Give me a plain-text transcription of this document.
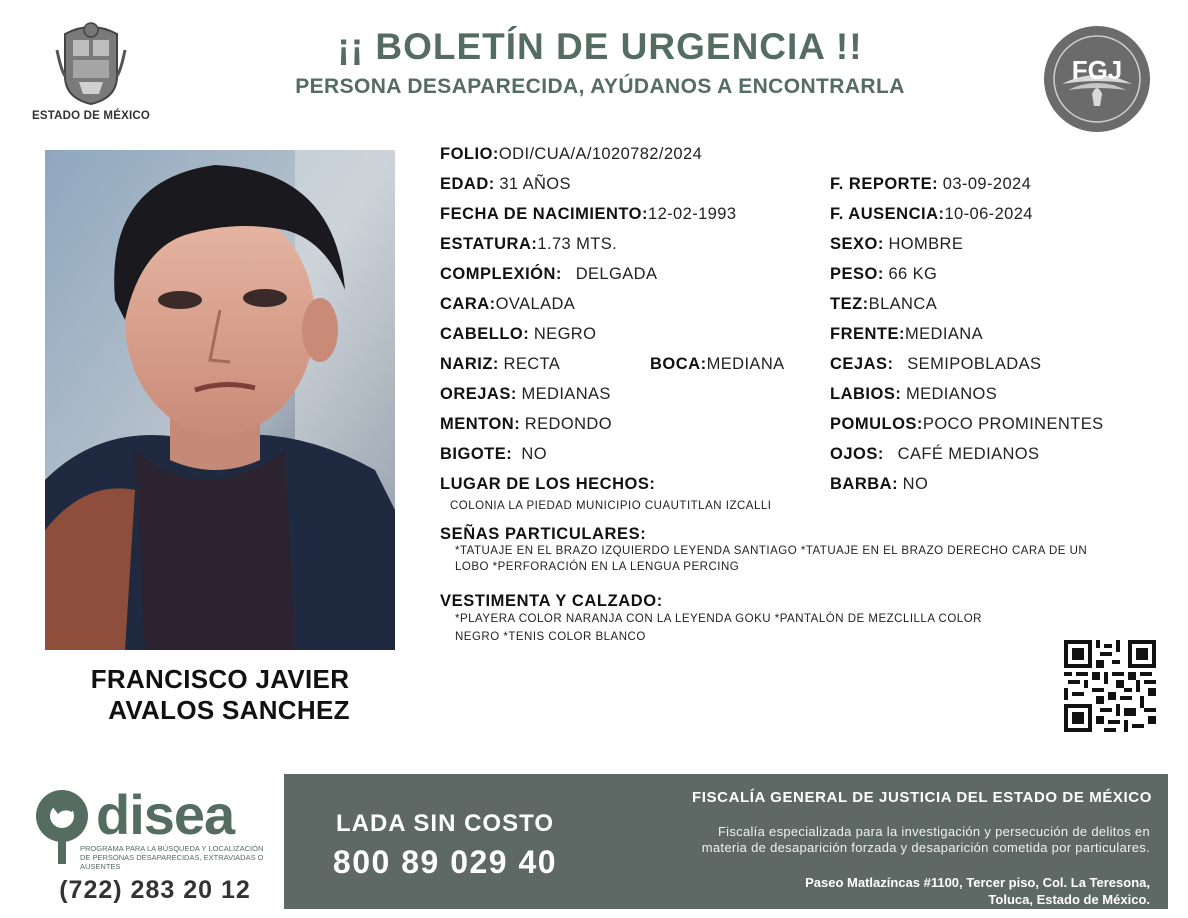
ESTADO DE MÉXICO
¡¡ BOLETÍN DE URGENCIA !!
PERSONA DESAPARECIDA, AYÚDANOS A ENCONTRARLA
FGJ
FRANCISCO JAVIER
AVALOS SANCHEZ
FOLIO:ODI/CUA/A/1020782/2024
EDAD: 31 AÑOS	F. REPORTE: 03-09-2024
FECHA DE NACIMIENTO:12-02-1993	F. AUSENCIA:10-06-2024
ESTATURA:1.73 MTS.	SEXO: HOMBRE
COMPLEXIÓN: DELGADA	PESO: 66 KG
CARA:OVALADA	TEZ:BLANCA
CABELLO: NEGRO	FRENTE:MEDIANA
NARIZ: RECTA	BOCA:MEDIANA	CEJAS: SEMIPOBLADAS
OREJAS: MEDIANAS	LABIOS: MEDIANOS
MENTON: REDONDO	POMULOS:POCO PROMINENTES
BIGOTE: NO	OJOS: CAFÉ MEDIANOS
LUGAR DE LOS HECHOS:	BARBA: NO
COLONIA LA PIEDAD MUNICIPIO CUAUTITLAN IZCALLI
SEÑAS PARTICULARES:
*TATUAJE EN EL BRAZO IZQUIERDO LEYENDA SANTIAGO *TATUAJE EN EL BRAZO DERECHO CARA DE UN
LOBO *PERFORACIÓN EN LA LENGUA PERCING
VESTIMENTA Y CALZADO:
*PLAYERA COLOR NARANJA CON LA LEYENDA GOKU *PANTALÓN DE MEZCLILLA COLOR
NEGRO *TENIS COLOR BLANCO
disea
PROGRAMA PARA LA BÚSQUEDA Y LOCALIZACIÓN DE PERSONAS DESAPARECIDAS, EXTRAVIADAS O AUSENTES
(722) 283 20 12
LADA SIN COSTO
800 89 029 40
FISCALÍA GENERAL DE JUSTICIA DEL ESTADO DE MÉXICO
Fiscalía especializada para la investigación y persecución de delitos en
materia de desaparición forzada y desaparición cometida por particulares.
Paseo Matlazíncas #1100, Tercer piso, Col. La Teresona,
Toluca, Estado de México.
